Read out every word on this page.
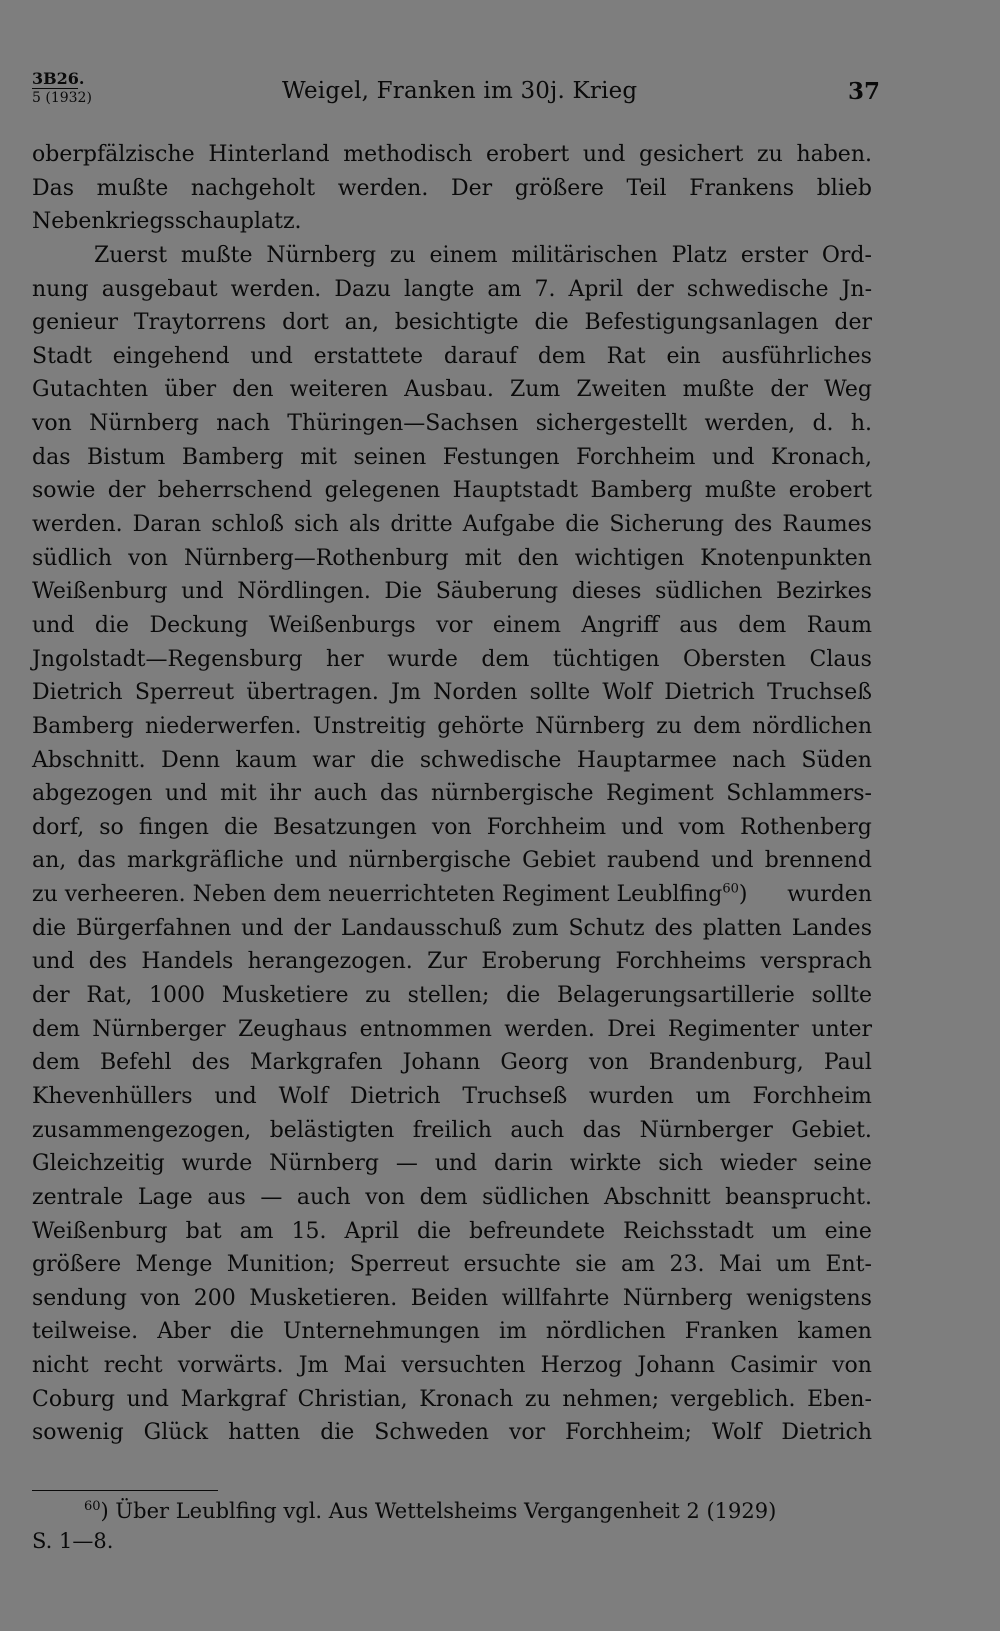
3B26.
5 (1932)	Weigel, Franken im 30j. Krieg	37
oberpfälzische Hinterland methodisch erobert und gesichert zu haben.
Das mußte nachgeholt werden. Der größere Teil Frankens blieb
Nebenkriegsschauplatz.
Zuerst mußte Nürnberg zu einem militärischen Platz erster Ord-
nung ausgebaut werden. Dazu langte am 7. April der schwedische Jn-
genieur Traytorrens dort an, besichtigte die Befestigungsanlagen der
Stadt eingehend und erstattete darauf dem Rat ein ausführliches
Gutachten über den weiteren Ausbau. Zum Zweiten mußte der Weg
von Nürnberg nach Thüringen—Sachsen sichergestellt werden, d. h.
das Bistum Bamberg mit seinen Festungen Forchheim und Kronach,
sowie der beherrschend gelegenen Hauptstadt Bamberg mußte erobert
werden. Daran schloß sich als dritte Aufgabe die Sicherung des Raumes
südlich von Nürnberg—Rothenburg mit den wichtigen Knotenpunkten
Weißenburg und Nördlingen. Die Säuberung dieses südlichen Bezirkes
und die Deckung Weißenburgs vor einem Angriff aus dem Raum
Jngolstadt—Regensburg her wurde dem tüchtigen Obersten Claus
Dietrich Sperreut übertragen. Jm Norden sollte Wolf Dietrich Truchseß
Bamberg niederwerfen. Unstreitig gehörte Nürnberg zu dem nördlichen
Abschnitt. Denn kaum war die schwedische Hauptarmee nach Süden
abgezogen und mit ihr auch das nürnbergische Regiment Schlammers-
dorf, so fingen die Besatzungen von Forchheim und vom Rothenberg
an, das markgräfliche und nürnbergische Gebiet raubend und brennend
zu verheeren. Neben dem neuerrichteten Regiment Leublfing$^{60}$) wurden
die Bürgerfahnen und der Landausschuß zum Schutz des platten Landes
und des Handels herangezogen. Zur Eroberung Forchheims versprach
der Rat, 1000 Musketiere zu stellen; die Belagerungsartillerie sollte
dem Nürnberger Zeughaus entnommen werden. Drei Regimenter unter
dem Befehl des Markgrafen Johann Georg von Brandenburg, Paul
Khevenhüllers und Wolf Dietrich Truchseß wurden um Forchheim
zusammengezogen, belästigten freilich auch das Nürnberger Gebiet.
Gleichzeitig wurde Nürnberg — und darin wirkte sich wieder seine
zentrale Lage aus — auch von dem südlichen Abschnitt beansprucht.
Weißenburg bat am 15. April die befreundete Reichsstadt um eine
größere Menge Munition; Sperreut ersuchte sie am 23. Mai um Ent-
sendung von 200 Musketieren. Beiden willfahrte Nürnberg wenigstens
teilweise. Aber die Unternehmungen im nördlichen Franken kamen
nicht recht vorwärts. Jm Mai versuchten Herzog Johann Casimir von
Coburg und Markgraf Christian, Kronach zu nehmen; vergeblich. Eben-
sowenig Glück hatten die Schweden vor Forchheim; Wolf Dietrich
$^{60}$) Über Leublfing vgl. Aus Wettelsheims Vergangenheit 2 (1929)
S. 1—8.
